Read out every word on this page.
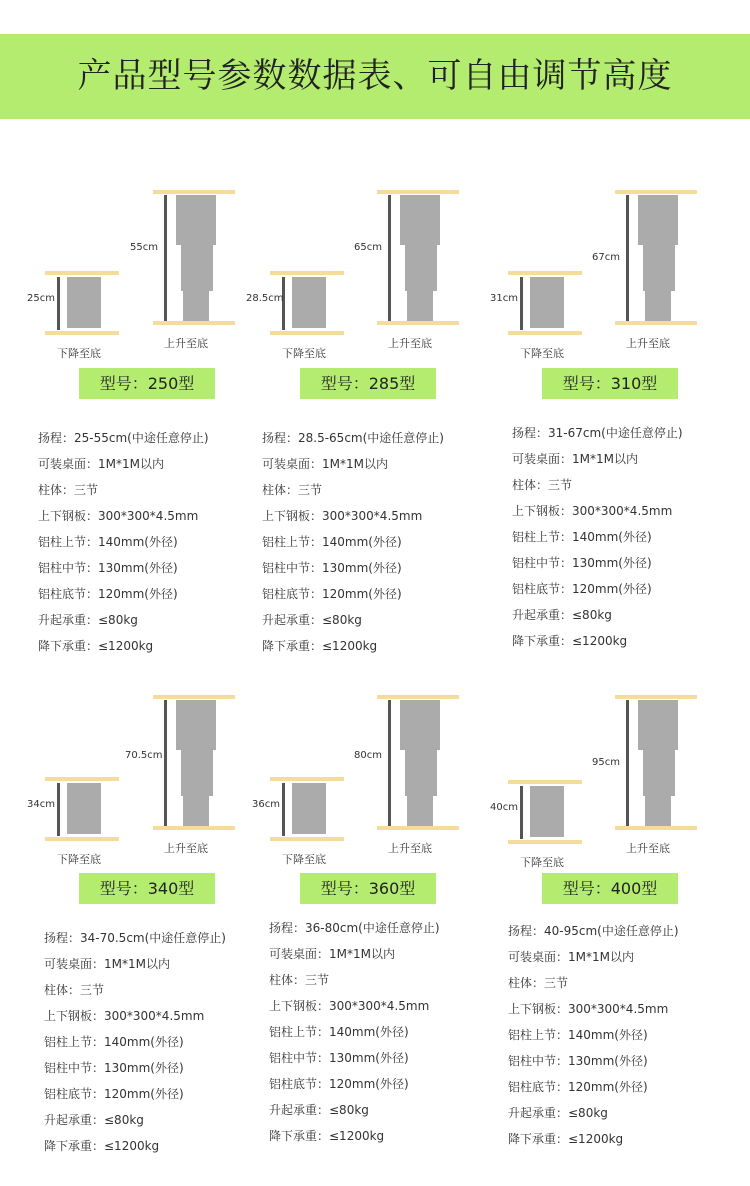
产品型号参数数据表、可自由调节高度
25cm
下降至底
55cm
上升至底
型号：250型
扬程：25-55cm(中途任意停止)
可装桌面：1M*1M以内
柱体：三节
上下钢板：300*300*4.5mm
铝柱上节：140mm(外径)
铝柱中节：130mm(外径)
铝柱底节：120mm(外径)
升起承重：≤80kg
降下承重：≤1200kg
28.5cm
下降至底
65cm
上升至底
型号：285型
扬程：28.5-65cm(中途任意停止)
可装桌面：1M*1M以内
柱体：三节
上下钢板：300*300*4.5mm
铝柱上节：140mm(外径)
铝柱中节：130mm(外径)
铝柱底节：120mm(外径)
升起承重：≤80kg
降下承重：≤1200kg
31cm
下降至底
67cm
上升至底
型号：310型
扬程：31-67cm(中途任意停止)
可装桌面：1M*1M以内
柱体：三节
上下钢板：300*300*4.5mm
铝柱上节：140mm(外径)
铝柱中节：130mm(外径)
铝柱底节：120mm(外径)
升起承重：≤80kg
降下承重：≤1200kg
34cm
下降至底
70.5cm
上升至底
型号：340型
扬程：34-70.5cm(中途任意停止)
可装桌面：1M*1M以内
柱体：三节
上下钢板：300*300*4.5mm
铝柱上节：140mm(外径)
铝柱中节：130mm(外径)
铝柱底节：120mm(外径)
升起承重：≤80kg
降下承重：≤1200kg
36cm
下降至底
80cm
上升至底
型号：360型
扬程：36-80cm(中途任意停止)
可装桌面：1M*1M以内
柱体：三节
上下钢板：300*300*4.5mm
铝柱上节：140mm(外径)
铝柱中节：130mm(外径)
铝柱底节：120mm(外径)
升起承重：≤80kg
降下承重：≤1200kg
40cm
下降至底
95cm
上升至底
型号：400型
扬程：40-95cm(中途任意停止)
可装桌面：1M*1M以内
柱体：三节
上下钢板：300*300*4.5mm
铝柱上节：140mm(外径)
铝柱中节：130mm(外径)
铝柱底节：120mm(外径)
升起承重：≤80kg
降下承重：≤1200kg
